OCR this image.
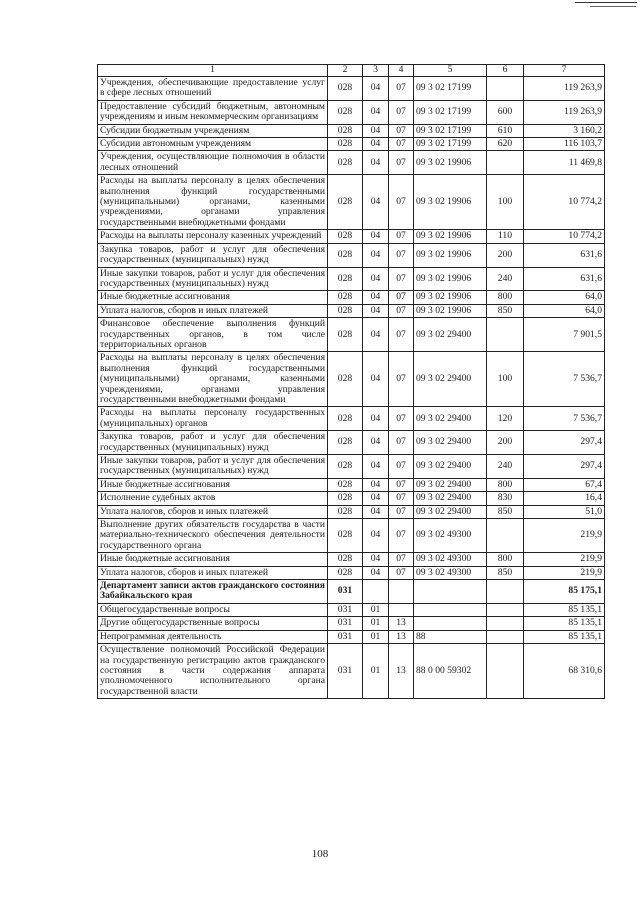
1	2	3	4	5	6	7
Учреждения, обеспечивающие предоставление услуг в сфере лесных отношений	028	04	07	09 3 02 17199		119 263,9
Предоставление субсидий бюджетным, автономным учреждениям и иным некоммерческим организациям	028	04	07	09 3 02 17199	600	119 263,9
Субсидии бюджетным учреждениям	028	04	07	09 3 02 17199	610	3 160,2
Субсидии автономным учреждениям	028	04	07	09 3 02 17199	620	116 103,7
Учреждения, осуществляющие полномочия в области лесных отношений	028	04	07	09 3 02 19906		11 469,8
Расходы на выплаты персоналу в целях обеспечения выполнения функций государственными (муниципальными) органами, казенными учреждениями, органами управления государственными внебюджетными фондами	028	04	07	09 3 02 19906	100	10 774,2
Расходы на выплаты персоналу казенных учреждений	028	04	07	09 3 02 19906	110	10 774,2
Закупка товаров, работ и услуг для обеспечения государственных (муниципальных) нужд	028	04	07	09 3 02 19906	200	631,6
Иные закупки товаров, работ и услуг для обеспечения государственных (муниципальных) нужд	028	04	07	09 3 02 19906	240	631,6
Иные бюджетные ассигнования	028	04	07	09 3 02 19906	800	64,0
Уплата налогов, сборов и иных платежей	028	04	07	09 3 02 19906	850	64,0
Финансовое обеспечение выполнения функций государственных органов, в том числе территориальных органов	028	04	07	09 3 02 29400		7 901,5
Расходы на выплаты персоналу в целях обеспечения выполнения функций государственными (муниципальными) органами, казенными учреждениями, органами управления государственными внебюджетными фондами	028	04	07	09 3 02 29400	100	7 536,7
Расходы на выплаты персоналу государственных (муниципальных) органов	028	04	07	09 3 02 29400	120	7 536,7
Закупка товаров, работ и услуг для обеспечения государственных (муниципальных) нужд	028	04	07	09 3 02 29400	200	297,4
Иные закупки товаров, работ и услуг для обеспечения государственных (муниципальных) нужд	028	04	07	09 3 02 29400	240	297,4
Иные бюджетные ассигнования	028	04	07	09 3 02 29400	800	67,4
Исполнение судебных актов	028	04	07	09 3 02 29400	830	16,4
Уплата налогов, сборов и иных платежей	028	04	07	09 3 02 29400	850	51,0
Выполнение других обязательств государства в части материально-технического обеспечения деятельности государственного органа	028	04	07	09 3 02 49300		219,9
Иные бюджетные ассигнования	028	04	07	09 3 02 49300	800	219,9
Уплата налогов, сборов и иных платежей	028	04	07	09 3 02 49300	850	219,9
Департамент записи актов гражданского состояния Забайкальского края	031					85 175,1
Общегосударственные вопросы	031	01				85 135,1
Другие общегосударственные вопросы	031	01	13			85 135,1
Непрограммная деятельность	031	01	13	88		85 135,1
Осуществление полномочий Российской Федерации на государственную регистрацию актов гражданского состояния в части содержания аппарата уполномоченного исполнительного органа государственной власти	031	01	13	88 0 00 59302		68 310,6
108
